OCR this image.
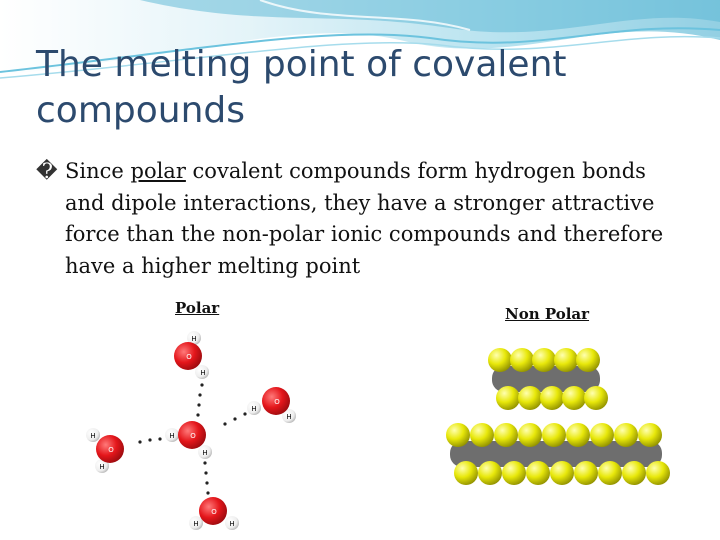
The melting point of covalent
compounds
� Since polar covalent compounds form hydrogen bonds and dipole interactions, they have a stronger attractive force than the non-polar ionic compounds and therefore have a higher melting point
Polar	Non Polar
H
O
H
H
O
H
H O
H
H
O
H
H
O
H
